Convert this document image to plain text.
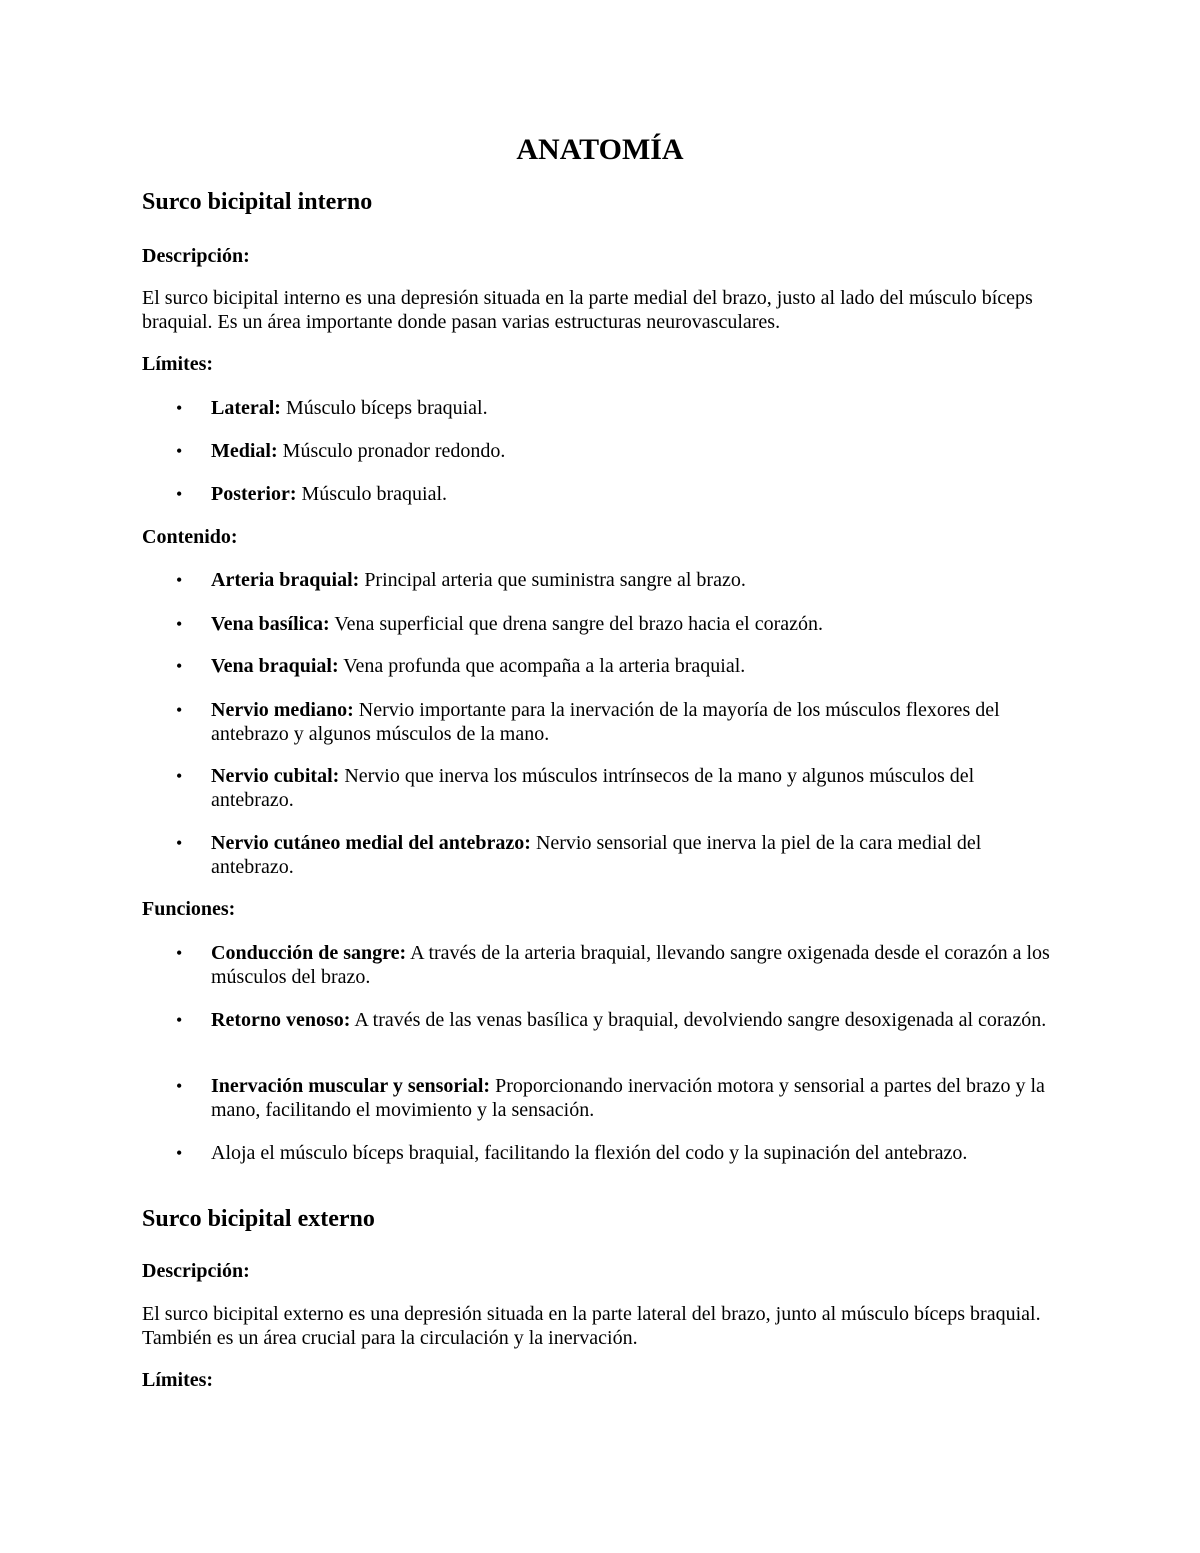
ANATOMÍA
Surco bicipital interno
Descripción:

El surco bicipital interno es una depresión situada en la parte medial del brazo, justo al lado del músculo bíceps braquial. Es un área importante donde pasan varias estructuras neurovasculares.

Límites:
• Lateral: Músculo bíceps braquial.
• Medial: Músculo pronador redondo.
• Posterior: Músculo braquial.
Contenido:
• Arteria braquial: Principal arteria que suministra sangre al brazo.
• Vena basílica: Vena superficial que drena sangre del brazo hacia el corazón.
• Vena braquial: Vena profunda que acompaña a la arteria braquial.
• Nervio mediano: Nervio importante para la inervación de la mayoría de los músculos flexores del antebrazo y algunos músculos de la mano.
• Nervio cubital: Nervio que inerva los músculos intrínsecos de la mano y algunos músculos del antebrazo.
• Nervio cutáneo medial del antebrazo: Nervio sensorial que inerva la piel de la cara medial del antebrazo.
Funciones:
• Conducción de sangre: A través de la arteria braquial, llevando sangre oxigenada desde el corazón a los músculos del brazo.
• Retorno venoso: A través de las venas basílica y braquial, devolviendo sangre desoxigenada al corazón.
• Inervación muscular y sensorial: Proporcionando inervación motora y sensorial a partes del brazo y la mano, facilitando el movimiento y la sensación.
• Aloja el músculo bíceps braquial, facilitando la flexión del codo y la supinación del antebrazo.
Surco bicipital externo
Descripción:

El surco bicipital externo es una depresión situada en la parte lateral del brazo, junto al músculo bíceps braquial. También es un área crucial para la circulación y la inervación.

Límites:
